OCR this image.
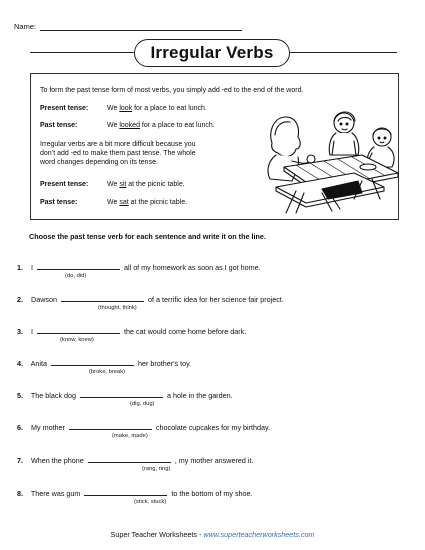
Name:
Irregular Verbs
To form the past tense form of most verbs, you simply add -ed to the end of the word.
Present tense:	We look for a place to eat lunch.
Past tense:	We looked for a place to eat lunch.
Irregular verbs are a bit more difficult because you
don’t add -ed to make them past tense. The whole
word changes depending on its tense.
Present tense:	We sit at the picnic table.
Past tense:	We sat at the picnic table.
Choose the past tense verb for each sentence and write it on the line.
1. I	all of my homework as soon as I got home.
(do, did)
2. Dawson	of a terrific idea for her science fair project.
(thought, think)
3. I	the cat would come home before dark.
(know, knew)
4. Anita	her brother's toy.
(broke, break)
5. The black dog	a hole in the garden.
(dig, dug)
6. My mother	chocolate cupcakes for my birthday.
(make, made)
7. When the phone	, my mother answered it.
(rang, ring)
8. There was gum	to the bottom of my shoe.
(stick, stuck)
Super Teacher Worksheets - www.superteacherworksheets.com
